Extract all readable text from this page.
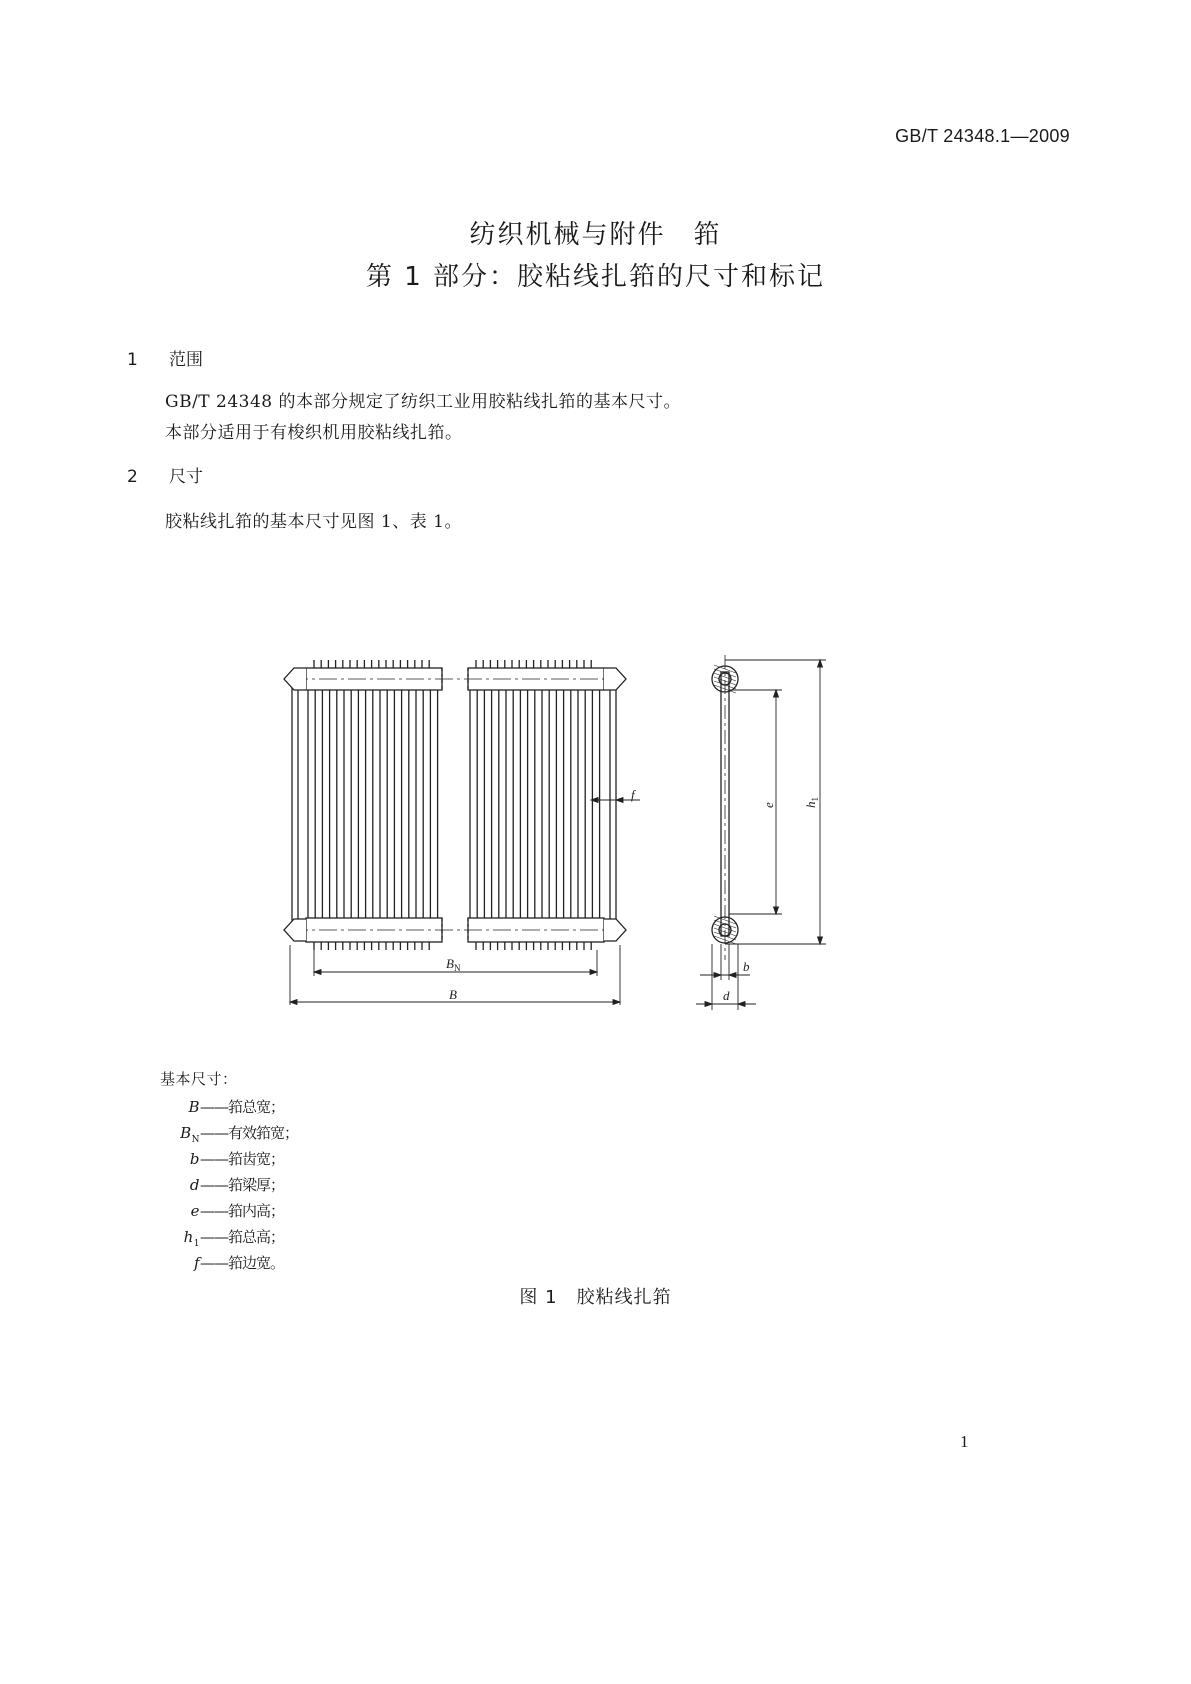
GB/T 24348.1—2009
纺织机械与附件　筘
第 1 部分：胶粘线扎筘的尺寸和标记
1 范围
GB/T 24348 的本部分规定了纺织工业用胶粘线扎筘的基本尺寸。
本部分适用于有梭织机用胶粘线扎筘。
2 尺寸
胶粘线扎筘的基本尺寸见图 1、表 1。
$B_N$
B
f
e $h_1$
b
d
基本尺寸：
B——筘总宽；
$B_N——$有效筘宽；
b——筘齿宽；
d——筘梁厚；
e——筘内高；
$h_1——$筘总高；
f——筘边宽。
图 1　胶粘线扎筘
1
